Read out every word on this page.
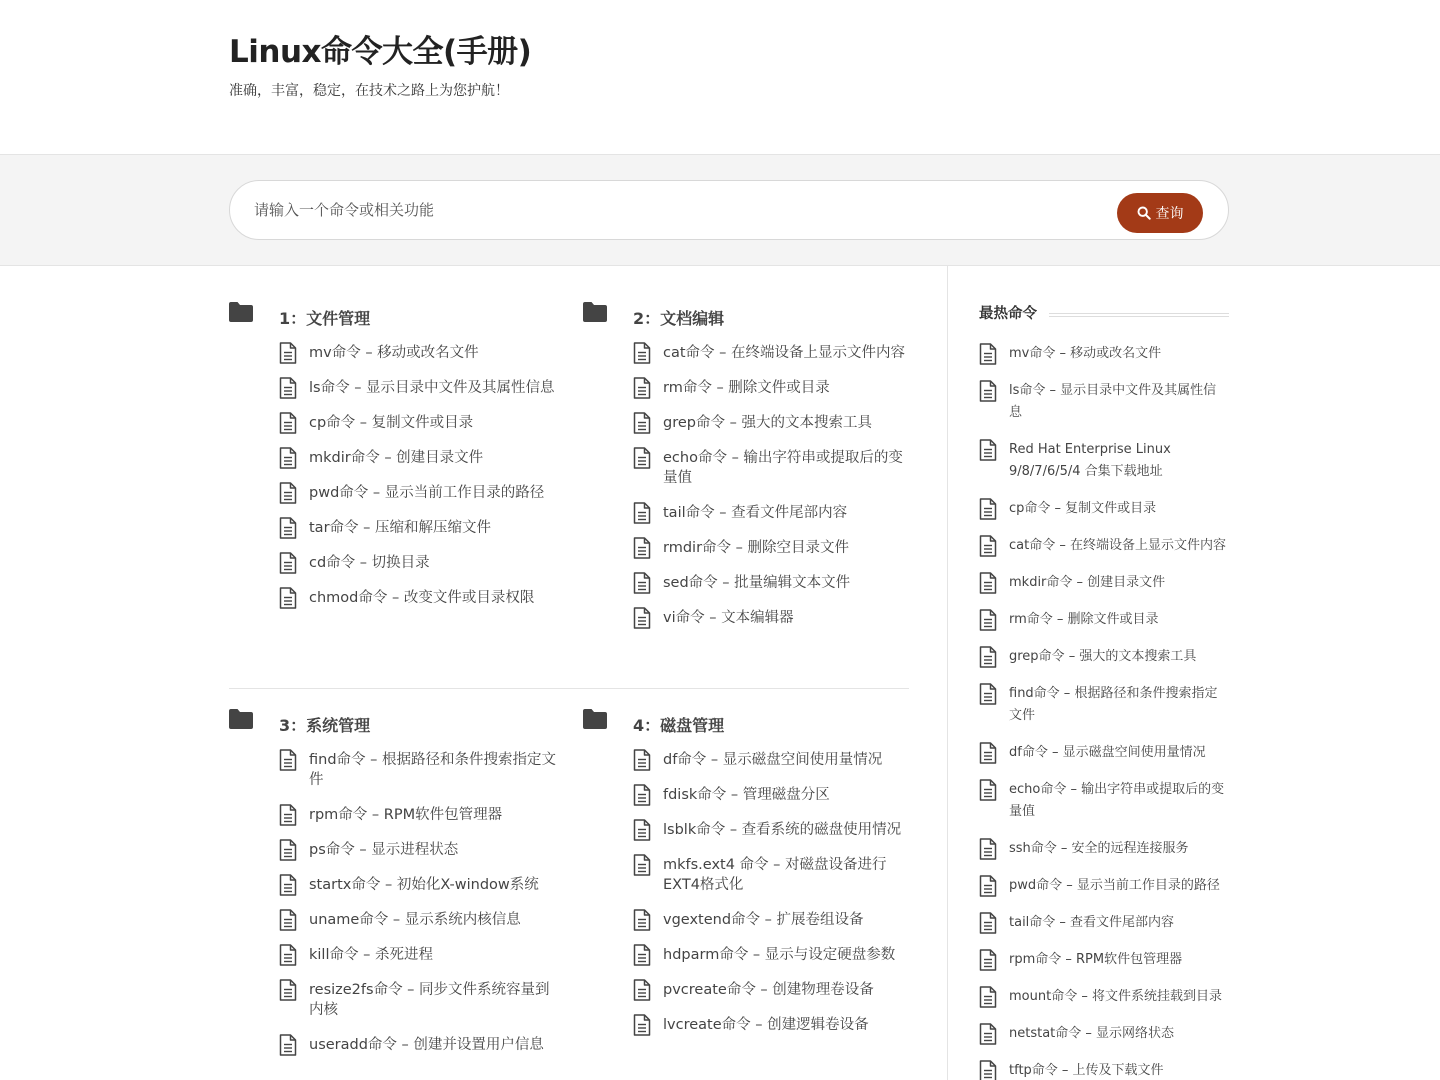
Linux命令大全(手册)
准确，丰富，稳定，在技术之路上为您护航！
请输入一个命令或相关功能
查询
1：文件管理
mv命令 – 移动或改名文件
ls命令 – 显示目录中文件及其属性信息
cp命令 – 复制文件或目录
mkdir命令 – 创建目录文件
pwd命令 – 显示当前工作目录的路径
tar命令 – 压缩和解压缩文件
cd命令 – 切换目录
chmod命令 – 改变文件或目录权限
2：文档编辑
cat命令 – 在终端设备上显示文件内容
rm命令 – 删除文件或目录
grep命令 – 强大的文本搜索工具
echo命令 – 输出字符串或提取后的变量值
tail命令 – 查看文件尾部内容
rmdir命令 – 删除空目录文件
sed命令 – 批量编辑文本文件
vi命令 – 文本编辑器
3：系统管理
find命令 – 根据路径和条件搜索指定文件
rpm命令 – RPM软件包管理器
ps命令 – 显示进程状态
startx命令 – 初始化X-window系统
uname命令 – 显示系统内核信息
kill命令 – 杀死进程
resize2fs命令 – 同步文件系统容量到内核
useradd命令 – 创建并设置用户信息
4：磁盘管理
df命令 – 显示磁盘空间使用量情况
fdisk命令 – 管理磁盘分区
lsblk命令 – 查看系统的磁盘使用情况
mkfs.ext4 命令 – 对磁盘设备进行EXT4格式化
vgextend命令 – 扩展卷组设备
hdparm命令 – 显示与设定硬盘参数
pvcreate命令 – 创建物理卷设备
lvcreate命令 – 创建逻辑卷设备
最热命令
mv命令 – 移动或改名文件
ls命令 – 显示目录中文件及其属性信息
Red Hat Enterprise Linux 9/8/7/6/5/4 合集下载地址
cp命令 – 复制文件或目录
cat命令 – 在终端设备上显示文件内容
mkdir命令 – 创建目录文件
rm命令 – 删除文件或目录
grep命令 – 强大的文本搜索工具
find命令 – 根据路径和条件搜索指定文件
df命令 – 显示磁盘空间使用量情况
echo命令 – 输出字符串或提取后的变量值
ssh命令 – 安全的远程连接服务
pwd命令 – 显示当前工作目录的路径
tail命令 – 查看文件尾部内容
rpm命令 – RPM软件包管理器
mount命令 – 将文件系统挂载到目录
netstat命令 – 显示网络状态
tftp命令 – 上传及下载文件
